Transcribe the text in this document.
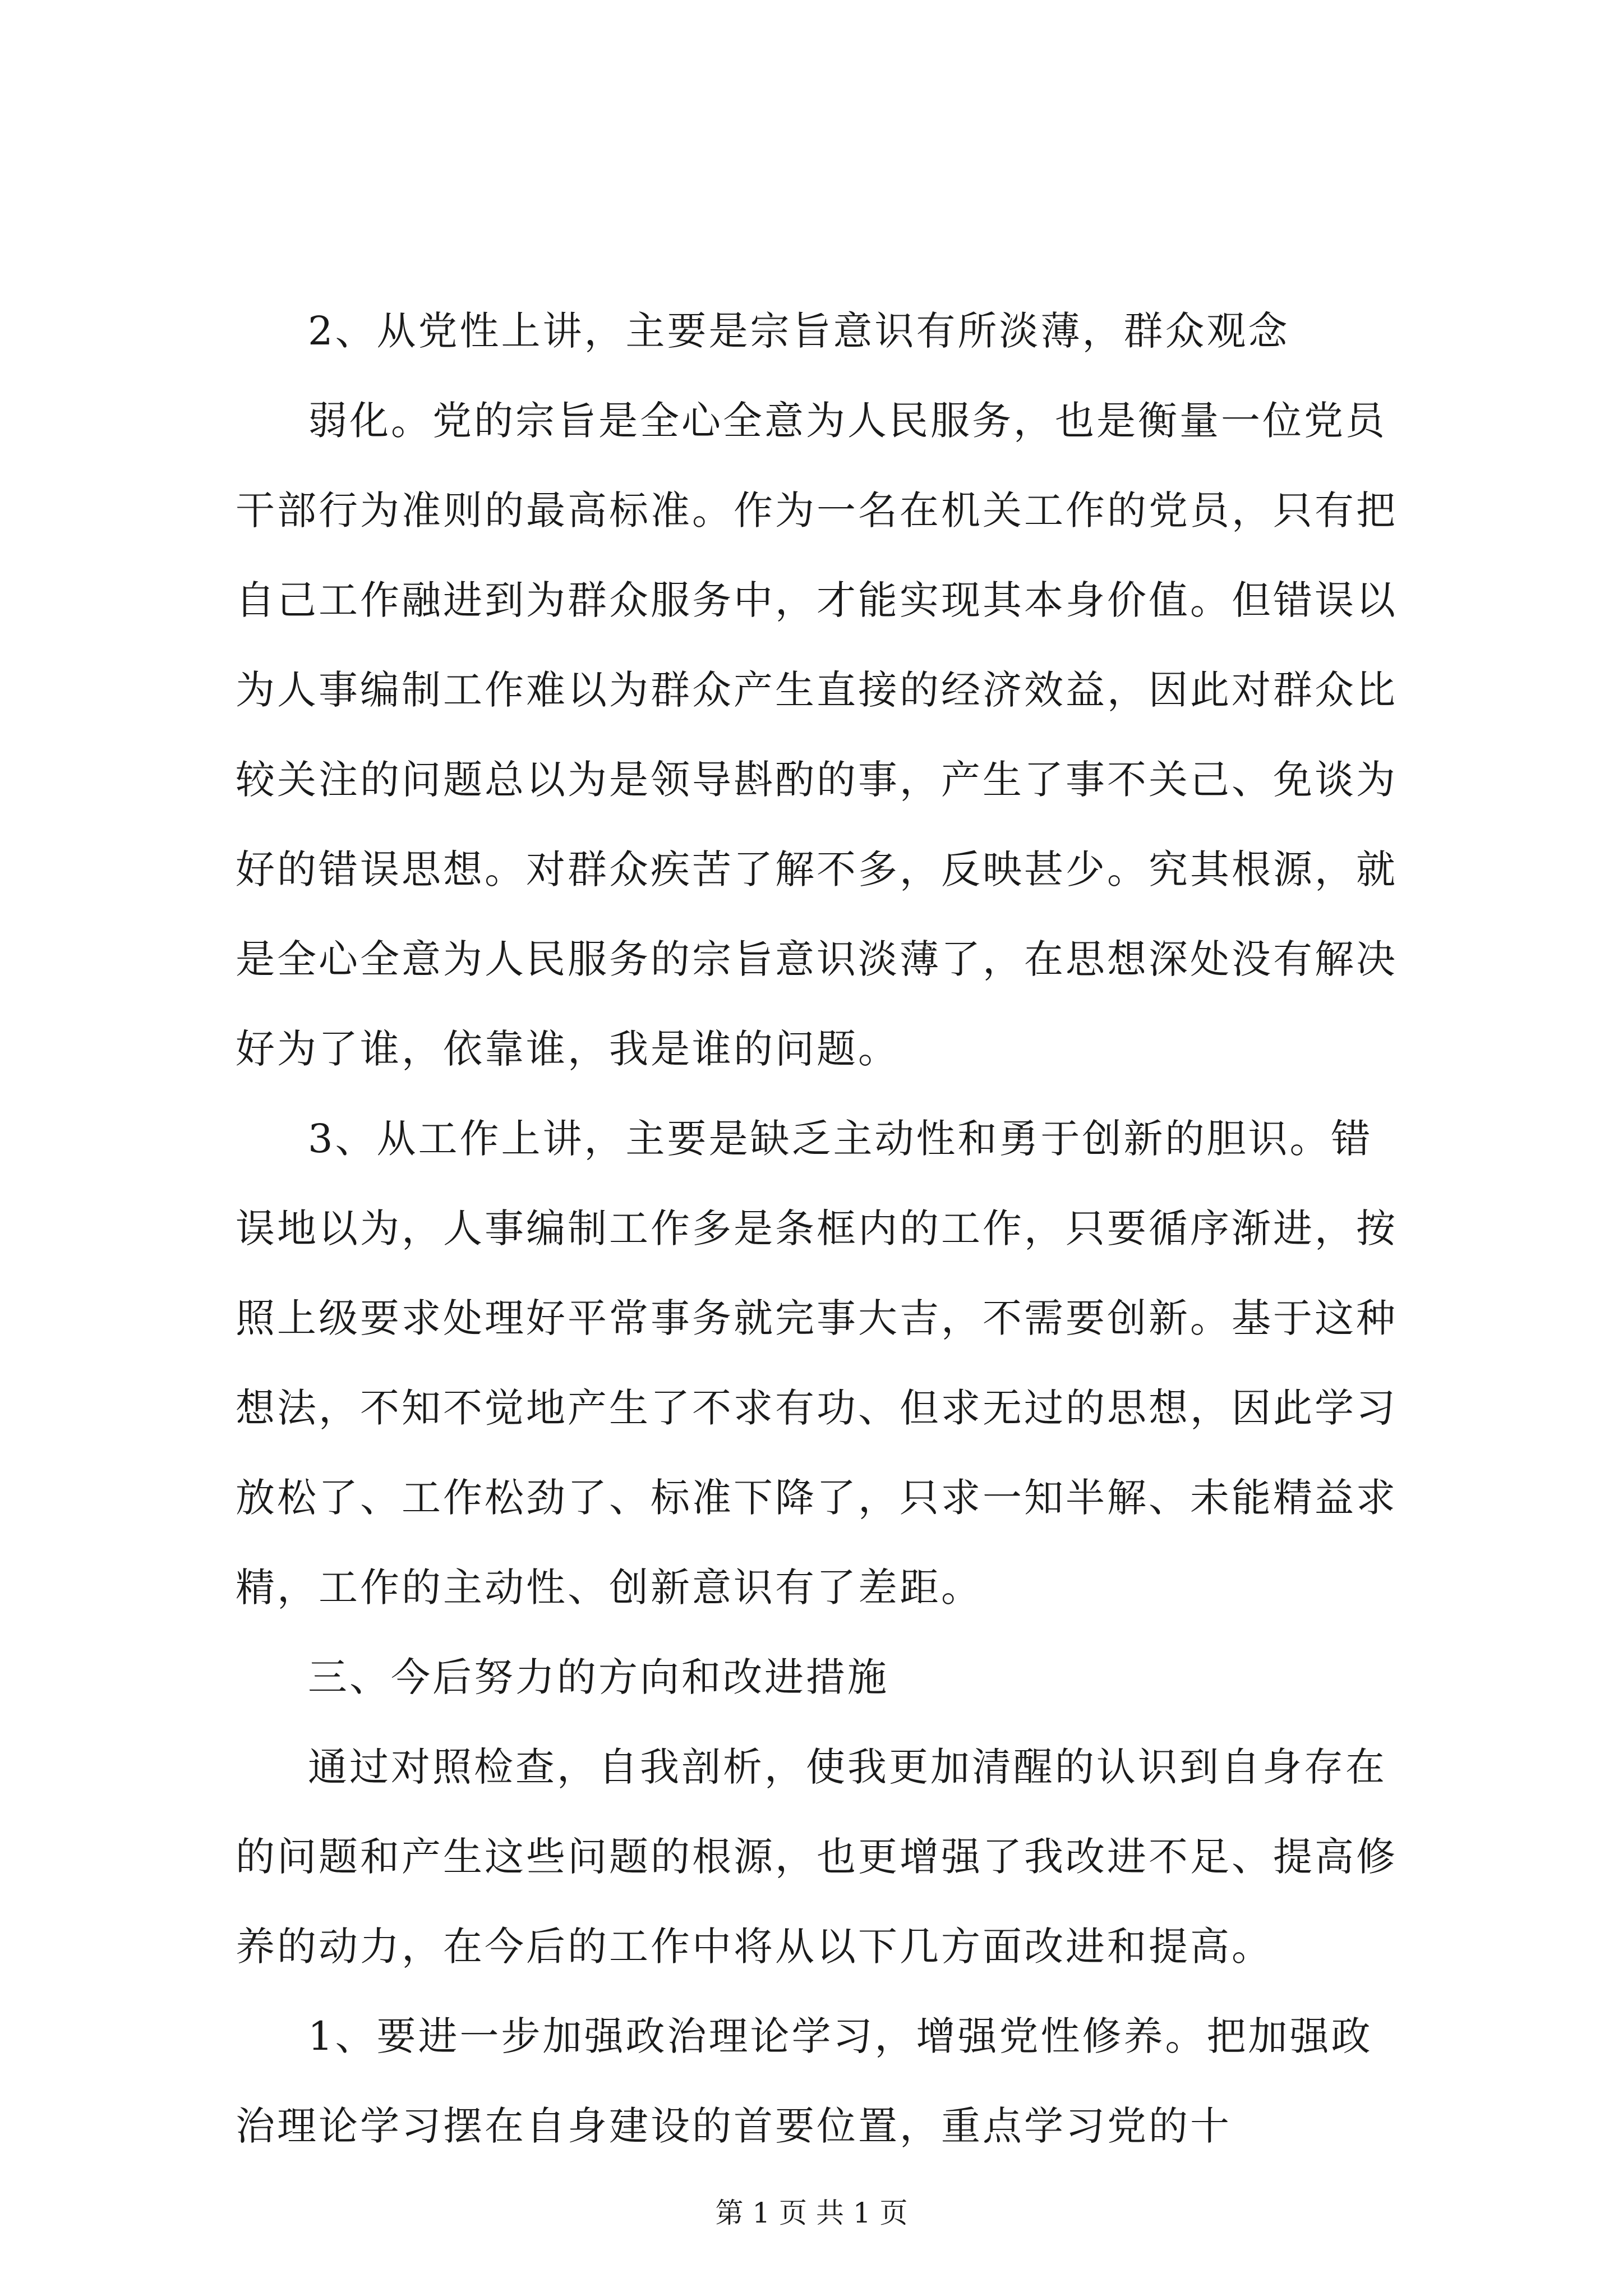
2、从党性上讲，主要是宗旨意识有所淡薄，群众观念
弱化。党的宗旨是全心全意为人民服务，也是衡量一位党员
干部行为准则的最高标准。作为一名在机关工作的党员，只有把
自己工作融进到为群众服务中，才能实现其本身价值。但错误以
为人事编制工作难以为群众产生直接的经济效益，因此对群众比
较关注的问题总以为是领导斟酌的事，产生了事不关己、免谈为
好的错误思想。对群众疾苦了解不多，反映甚少。究其根源，就
是全心全意为人民服务的宗旨意识淡薄了，在思想深处没有解决
好为了谁，依靠谁，我是谁的问题。
3、从工作上讲，主要是缺乏主动性和勇于创新的胆识。错
误地以为，人事编制工作多是条框内的工作，只要循序渐进，按
照上级要求处理好平常事务就完事大吉，不需要创新。基于这种
想法，不知不觉地产生了不求有功、但求无过的思想，因此学习
放松了、工作松劲了、标准下降了，只求一知半解、未能精益求
精，工作的主动性、创新意识有了差距。
三、今后努力的方向和改进措施
通过对照检查，自我剖析，使我更加清醒的认识到自身存在
的问题和产生这些问题的根源，也更增强了我改进不足、提高修
养的动力，在今后的工作中将从以下几方面改进和提高。
1、要进一步加强政治理论学习，增强党性修养。把加强政
治理论学习摆在自身建设的首要位置，重点学习党的十
第 1 页 共 1 页
